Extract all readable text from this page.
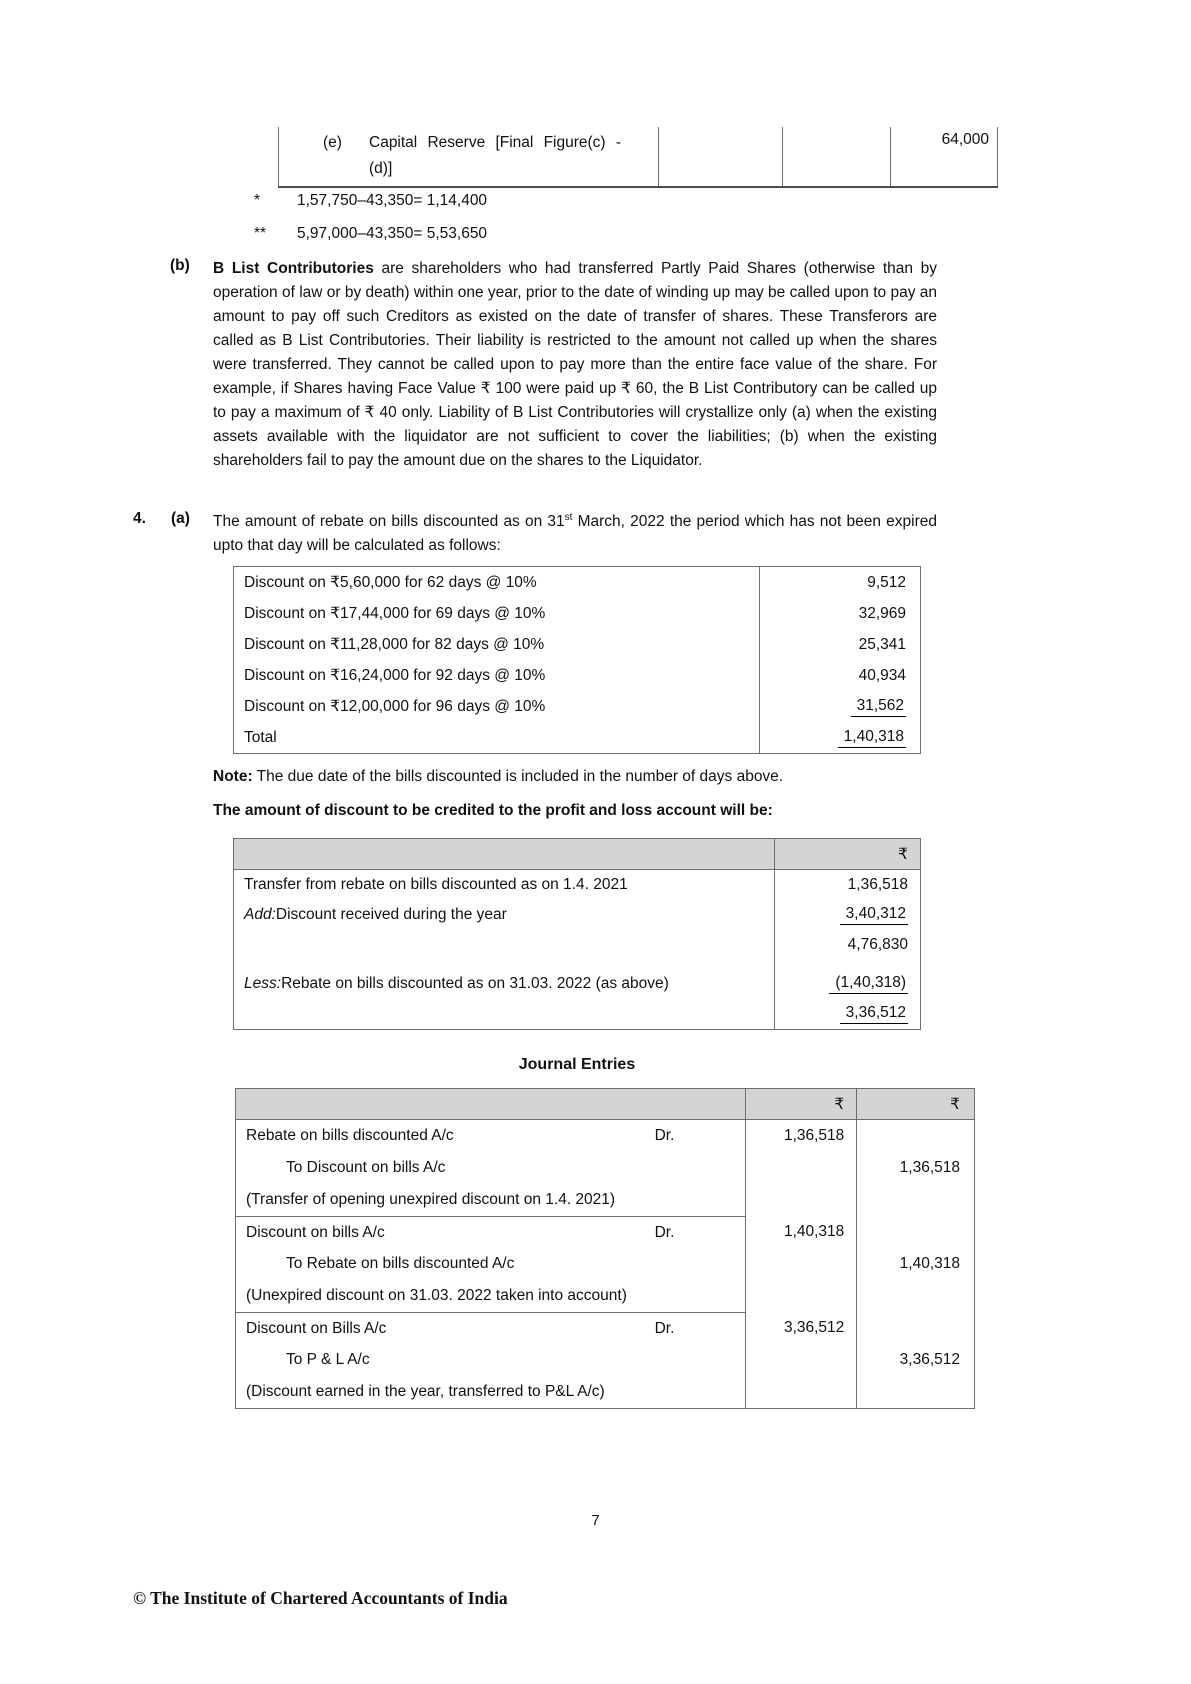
(e)	Capital Reserve [Final Figure(c) - (d)]
64,000
*	1,57,750–43,350= 1,14,400
**	5,97,000–43,350= 5,53,650
(b) B List Contributories are shareholders who had transferred Partly Paid Shares (otherwise than by operation of law or by death) within one year, prior to the date of winding up may be called upon to pay an amount to pay off such Creditors as existed on the date of transfer of shares. These Transferors are called as B List Contributories. Their liability is restricted to the amount not called up when the shares were transferred. They cannot be called upon to pay more than the entire face value of the share. For example, if Shares having Face Value ₹ 100 were paid up ₹ 60, the B List Contributory can be called up to pay a maximum of ₹ 40 only. Liability of B List Contributories will crystallize only (a) when the existing assets available with the liquidator are not sufficient to cover the liabilities; (b) when the existing shareholders fail to pay the amount due on the shares to the Liquidator.
4. (a) The amount of rebate on bills discounted as on 31st March, 2022 the period which has not been expired upto that day will be calculated as follows:
Discount on ₹5,60,000 for 62 days @ 10%	9,512
Discount on ₹17,44,000 for 69 days @ 10%	32,969
Discount on ₹11,28,000 for 82 days @ 10%	25,341
Discount on ₹16,24,000 for 92 days @ 10%	40,934
Discount on ₹12,00,000 for 96 days @ 10%	31,562
Total	1,40,318
Note: The due date of the bills discounted is included in the number of days above.
The amount of discount to be credited to the profit and loss account will be:
₹
Transfer from rebate on bills discounted as on 1.4. 2021	1,36,518
Add: Discount received during the year	3,40,312
4,76,830
Less: Rebate on bills discounted as on 31.03. 2022 (as above)	(1,40,318)
3,36,512
Journal Entries
₹	₹
Rebate on bills discounted A/c	Dr.	1,36,518
To Discount on bills A/c	1,36,518
(Transfer of opening unexpired discount on 1.4. 2021)
Discount on bills A/c	Dr.	1,40,318
To Rebate on bills discounted A/c	1,40,318
(Unexpired discount on 31.03. 2022 taken into account)
Discount on Bills A/c	Dr.	3,36,512
To P & L A/c	3,36,512
(Discount earned in the year, transferred to P&L A/c)
7
© The Institute of Chartered Accountants of India
